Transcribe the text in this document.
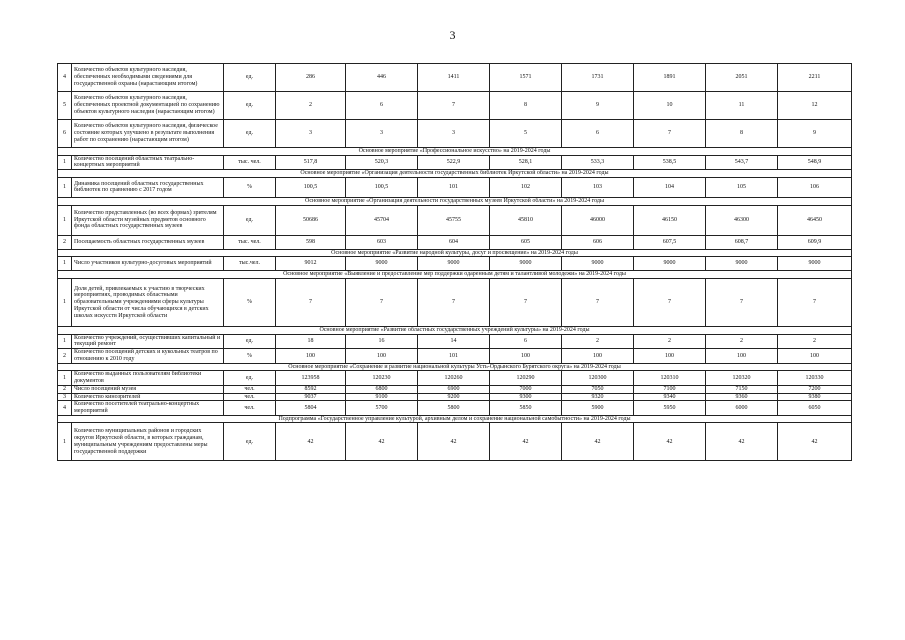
3
4	Количество объектов культурного наследия, обеспеченных необходимыми сведениями для государственной охраны (нарастающим итогом)	ед.	286	446	1411	1571	1731	1891	2051	2211
5	Количество объектов культурного наследия, обеспеченных проектной документацией по сохранению объектов культурного наследия (нарастающим итогом)	ед.	2	6	7	8	9	10	11	12
6	Количество объектов культурного наследия, физическое состояние которых улучшено в результате выполнения работ по сохранению (нарастающим итогом)	ед.	3	3	3	5	6	7	8	9
Основное мероприятие «Профессиональное искусство» на 2019-2024 годы										
1	Количество посещений областных театрально-концертных мероприятий	тыс. чел.	517,8	520,3	522,9	528,1	533,3	538,5	543,7	548,9
Основное мероприятие «Организация деятельности государственных библиотек Иркутской области» на 2019-2024 годы										
1	Динамика посещений областных государственных библиотек по сравнению с 2017 годом	%	100,5	100,5	101	102	103	104	105	106
Основное мероприятие «Организация деятельности государственных музеев Иркутской области» на 2019-2024 годы										
1	Количество представленных (во всех формах) зрителям Иркутской области музейных предметов основного фонда областных государственных музеев	ед.	50686	45704	45755	45810	46000	46150	46300	46450
2	Посещаемость областных государственных музеев	тыс. чел.	598	603	604	605	606	607,5	608,7	609,9
Основное мероприятие «Развитие народной культуры, досуг и просвещение» на 2019-2024 годы										
1	Число участников культурно-досуговых мероприятий	тыс.чел.	9012	9000	9000	9000	9000	9000	9000	9000
Основное мероприятие «Выявление и предоставление мер поддержки одаренным детям и талантливой молодежи» на 2019-2024 годы										
1	Доля детей, привлекаемых к участию в творческих мероприятиях, проводимых областными образовательными учреждениями сферы культуры Иркутской области от числа обучающихся в детских школах искусств Иркутской области	%	7	7	7	7	7	7	7	7
Основное мероприятие «Развитие областных государственных учреждений культуры» на 2019-2024 годы										
1	Количество учреждений, осуществивших капитальный и текущий ремонт	ед.	18	16	14	6	2	2	2	2
2	Количество посещений детских и кукольных театров по отношению к 2010 году	%	100	100	101	100	100	100	100	100
Основное мероприятие «Сохранение и развитие национальной культуры Усть-Ордынского Бурятского округа» на 2019-2024 годы										
1	Количество выданных пользователям библиотеки документов	ед.	123958	120230	120260	120290	120300	120310	120320	120330
2	Число посещений музея	чел.	8592	6800	6900	7000	7050	7100	7150	7200
3	Количество кинозрителей	чел.	9037	9100	9200	9300	9320	9340	9360	9380
4	Количество посетителей театрально-концертных мероприятий	чел.	5804	5700	5800	5850	5900	5950	6000	6050
Подпрограмма «Государственное управление культурой, архивным делом и сохранение национальной самобытности» на 2019-2024 годы										
1	Количество муниципальных районов и городских округов Иркутской области, в которых гражданам, муниципальным учреждениям предоставлены меры государственной поддержки	ед.	42	42	42	42	42	42	42	42
